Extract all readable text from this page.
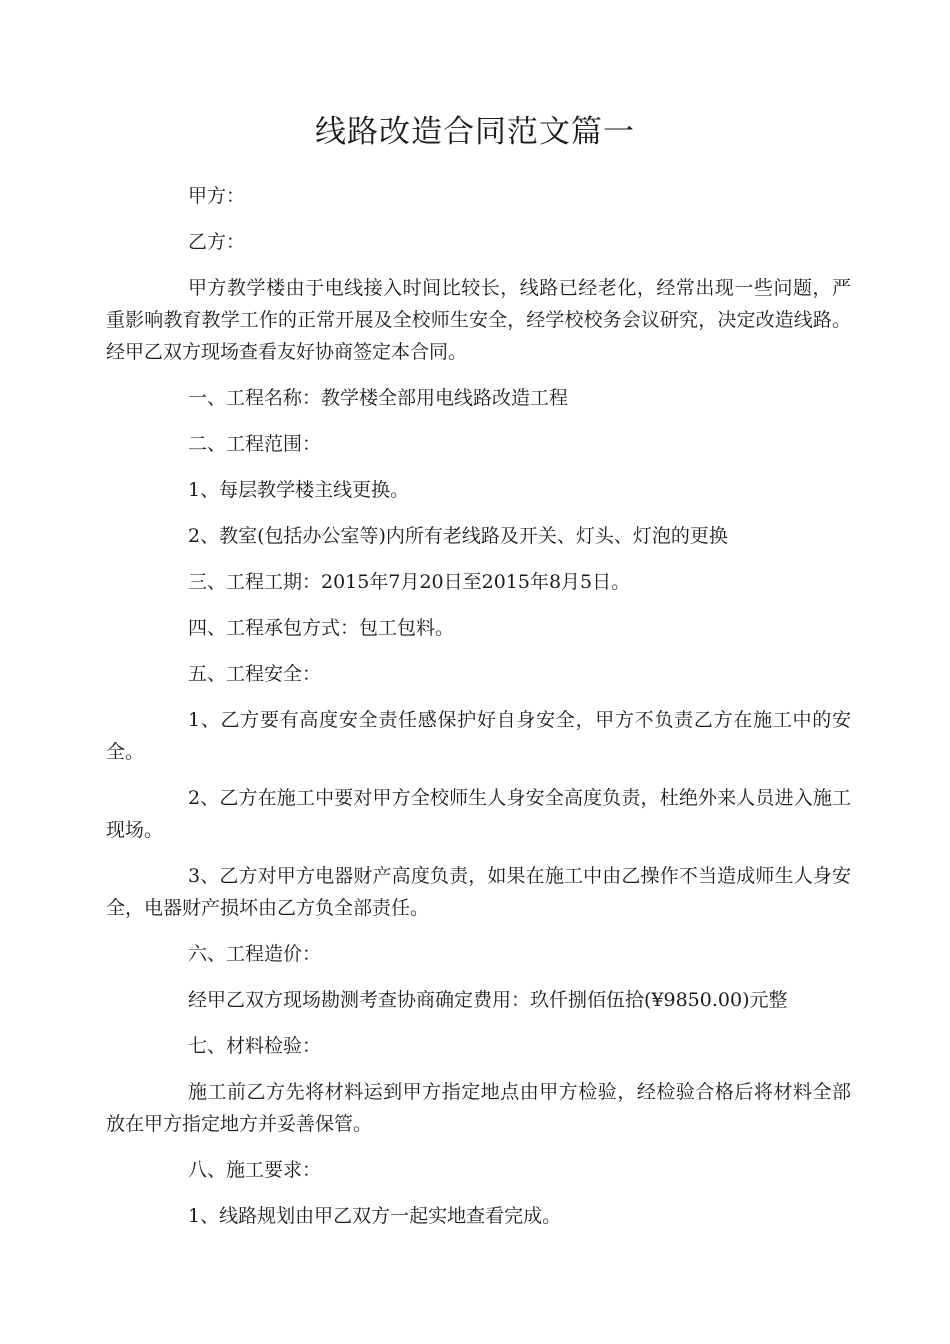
线路改造合同范文篇一

甲方：

乙方：

甲方教学楼由于电线接入时间比较长，线路已经老化，经常出现一些问题，严重影响教育教学工作的正常开展及全校师生安全，经学校校务会议研究，决定改造线路。经甲乙双方现场查看友好协商签定本合同。

一、工程名称：教学楼全部用电线路改造工程

二、工程范围：

1、每层教学楼主线更换。

2、教室(包括办公室等)内所有老线路及开关、灯头、灯泡的更换

三、工程工期：2015年7月20日至2015年8月5日。

四、工程承包方式：包工包料。

五、工程安全：

1、乙方要有高度安全责任感保护好自身安全，甲方不负责乙方在施工中的安全。

2、乙方在施工中要对甲方全校师生人身安全高度负责，杜绝外来人员进入施工现场。

3、乙方对甲方电器财产高度负责，如果在施工中由乙操作不当造成师生人身安全，电器财产损坏由乙方负全部责任。

六、工程造价：

经甲乙双方现场勘测考查协商确定费用：玖仟捌佰伍拾(¥9850.00)元整

七、材料检验：

施工前乙方先将材料运到甲方指定地点由甲方检验，经检验合格后将材料全部放在甲方指定地方并妥善保管。

八、施工要求：

1、线路规划由甲乙双方一起实地查看完成。
